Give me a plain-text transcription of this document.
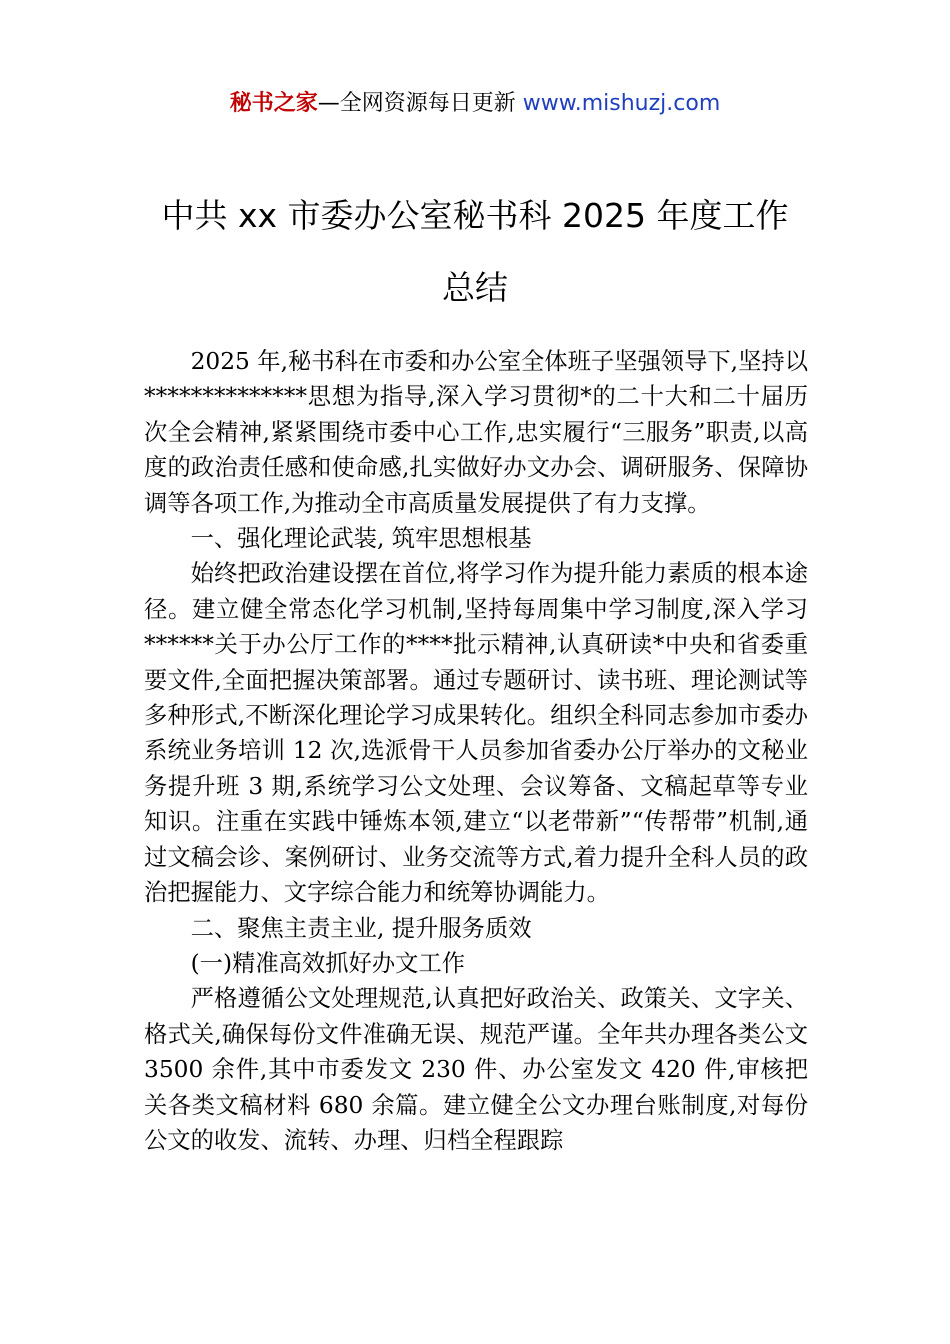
秘书之家—全网资源每日更新 www.mishuzj.com
中共 xx 市委办公室秘书科 2025 年度工作
总结

2025 年,秘书科在市委和办公室全体班子坚强领导下,坚持以**************思想为指导,深入学习贯彻*的二十大和二十届历次全会精神,紧紧围绕市委中心工作,忠实履行“三服务”职责,以高度的政治责任感和使命感,扎实做好办文办会、调研服务、保障协调等各项工作,为推动全市高质量发展提供了有力支撑。

一、强化理论武装, 筑牢思想根基

始终把政治建设摆在首位,将学习作为提升能力素质的根本途径。建立健全常态化学习机制,坚持每周集中学习制度,深入学习******关于办公厅工作的****批示精神,认真研读*中央和省委重要文件,全面把握决策部署。通过专题研讨、读书班、理论测试等多种形式,不断深化理论学习成果转化。组织全科同志参加市委办系统业务培训 12 次,选派骨干人员参加省委办公厅举办的文秘业务提升班 3 期,系统学习公文处理、会议筹备、文稿起草等专业知识。注重在实践中锤炼本领,建立“以老带新”“传帮带”机制,通过文稿会诊、案例研讨、业务交流等方式,着力提升全科人员的政治把握能力、文字综合能力和统筹协调能力。

二、聚焦主责主业, 提升服务质效

(一)精准高效抓好办文工作

严格遵循公文处理规范,认真把好政治关、政策关、文字关、格式关,确保每份文件准确无误、规范严谨。全年共办理各类公文 3500 余件,其中市委发文 230 件、办公室发文 420 件,审核把关各类文稿材料 680 余篇。建立健全公文办理台账制度,对每份公文的收发、流转、办理、归档全程跟踪
